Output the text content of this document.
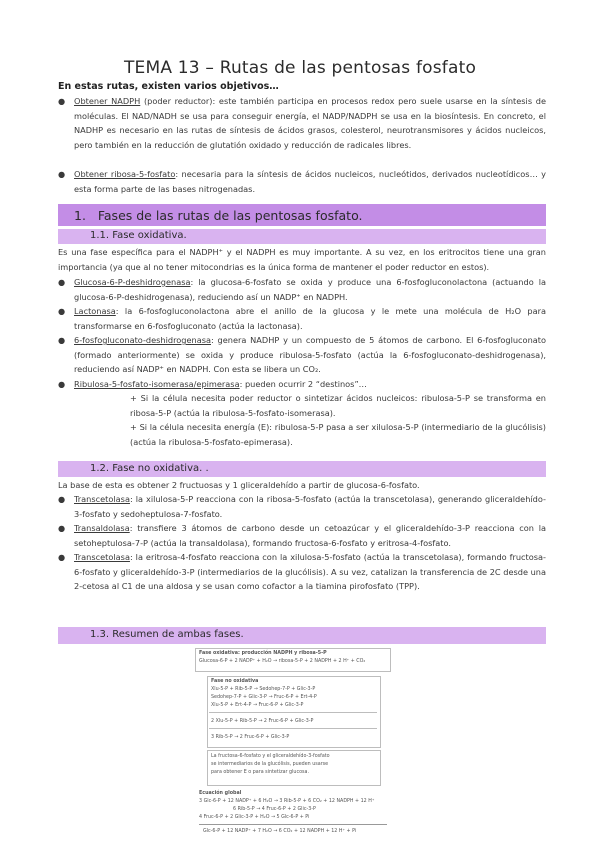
TEMA 13 – Rutas de las pentosas fosfato
En estas rutas, existen varios objetivos…
● Obtener NADPH (poder reductor): este también participa en procesos redox pero suele usarse en la síntesis de moléculas. El NAD/NADH se usa para conseguir energía, el NADP/NADPH se usa en la biosíntesis. En concreto, el NADHP es necesario en las rutas de síntesis de ácidos grasos, colesterol, neurotransmisores y ácidos nucleicos, pero también en la reducción de glutatión oxidado y reducción de radicales libres.
● Obtener ribosa-5-fosfato: necesaria para la síntesis de ácidos nucleicos, nucleótidos, derivados nucleotídicos… y esta forma parte de las bases nitrogenadas.
1. Fases de las rutas de las pentosas fosfato.
1.1. Fase oxidativa.
Es una fase específica para el NADPH⁺ y el NADPH es muy importante. A su vez, en los eritrocitos tiene una gran importancia (ya que al no tener mitocondrias es la única forma de mantener el poder reductor en estos).
● Glucosa-6-P-deshidrogenasa: la glucosa-6-fosfato se oxida y produce una 6-fosfogluconolactona (actuando la glucosa-6-P-deshidrogenasa), reduciendo así un NADP⁺ en NADPH.
● Lactonasa: la 6-fosfogluconolactona abre el anillo de la glucosa y le mete una molécula de H₂O para transformarse en 6-fosfogluconato (actúa la lactonasa).
● 6-fosfogluconato-deshidrogenasa: genera NADHP y un compuesto de 5 átomos de carbono. El 6-fosfogluconato (formado anteriormente) se oxida y produce ribulosa-5-fosfato (actúa la 6-fosfogluconato-deshidrogenasa), reduciendo así NADP⁺ en NADPH. Con esta se libera un CO₂.
● Ribulosa-5-fosfato-isomerasa/epimerasa: pueden ocurrir 2 “destinos”…
+ Si la célula necesita poder reductor o sintetizar ácidos nucleicos: ribulosa-5-P se transforma en ribosa-5-P (actúa la ribulosa-5-fosfato-isomerasa).
+ Si la célula necesita energía (E): ribulosa-5-P pasa a ser xilulosa-5-P (intermediario de la glucólisis) (actúa la ribulosa-5-fosfato-epimerasa).
1.2. Fase no oxidativa. .
La base de esta es obtener 2 fructuosas y 1 gliceraldehído a partir de glucosa-6-fosfato.
● Transcetolasa: la xilulosa-5-P reacciona con la ribosa-5-fosfato (actúa la transcetolasa), generando gliceraldehído-3-fosfato y sedoheptulosa-7-fosfato.
● Transaldolasa: transfiere 3 átomos de carbono desde un cetoazúcar y el gliceraldehído-3-P reacciona con la setoheptulosa-7-P (actúa la transaldolasa), formando fructosa-6-fosfato y eritrosa-4-fosfato.
● Transcetolasa: la eritrosa-4-fosfato reacciona con la xilulosa-5-fosfato (actúa la transcetolasa), formando fructosa-6-fosfato y gliceraldehído-3-P (intermediarios de la glucólisis). A su vez, catalizan la transferencia de 2C desde una 2-cetosa al C1 de una aldosa y se usan como cofactor a la tiamina pirofosfato (TPP).
1.3. Resumen de ambas fases.
Fase oxidativa: producción NADPH y ribosa-5-P
Glucosa-6-P + 2 NADP⁺ + H₂O → ribosa-5-P + 2 NADPH + 2 H⁺ + CO₂
Fase no oxidativa
Xlu-5-P + Rib-5-P → Sedohep-7-P + Glic-3-P
Sedohep-7-P + Glic-3-P → Fruc-6-P + Ert-4-P
Xlu-5-P + Ert-4-P → Fruc-6-P + Glic-3-P
2 Xlu-5-P + Rib-5-P → 2 Fruc-6-P + Glic-3-P
3 Rib-5-P → 2 Fruc-6-P + Glic-3-P
La fructosa-6-fosfato y el gliceraldehído-3-fosfato
se intermediarios de la glucólisis, pueden usarse
para obtener E o para sintetizar glucosa.
Ecuación global
3 Glc-6-P + 12 NADP⁺ + 6 H₂O → 3 Rib-5-P + 6 CO₂ + 12 NADPH + 12 H⁺
6 Rib-5-P → 4 Fruc-6-P + 2 Glic-3-P
4 Fruc-6-P + 2 Glic-3-P + H₂O → 5 Glc-6-P + Pi
Glc-6-P + 12 NADP⁺ + 7 H₂O → 6 CO₂ + 12 NADPH + 12 H⁺ + Pi
